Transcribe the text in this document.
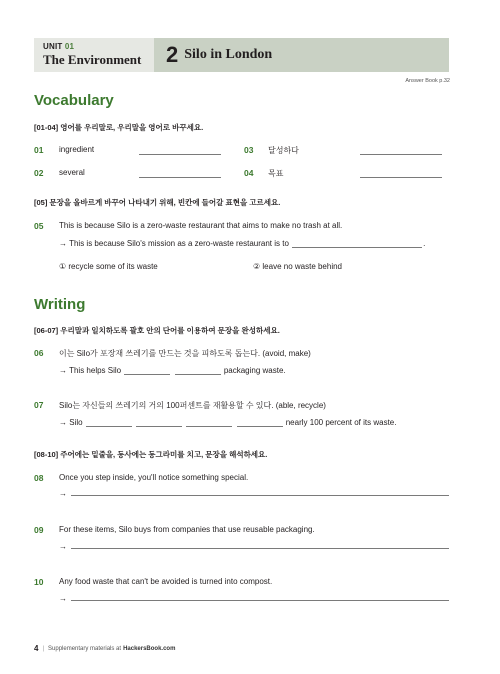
UNIT 01
The Environment	2 Silo in London
Answer Book p.32
Vocabulary
[01-04] 영어를 우리말로, 우리말을 영어로 바꾸세요.
01 ingredient	03 달성하다
02 several	04 목표
[05] 문장을 올바르게 바꾸어 나타내기 위해, 빈칸에 들어갈 표현을 고르세요.
05 This is because Silo is a zero-waste restaurant that aims to make no trash at all.
→ This is because Silo's mission as a zero-waste restaurant is to	.
① recycle some of its waste	② leave no waste behind
Writing
[06-07] 우리말과 일치하도록 괄호 안의 단어를 이용하여 문장을 완성하세요.
06 이는 Silo가 포장재 쓰레기를 만드는 것을 피하도록 돕는다. (avoid, make)
→ This helps Silo	packaging waste.
07 Silo는 자신들의 쓰레기의 거의 100퍼센트를 재활용할 수 있다. (able, recycle)
→ Silo	nearly 100 percent of its waste.
[08-10] 주어에는 밑줄을, 동사에는 동그라미를 치고, 문장을 해석하세요.
08 Once you step inside, you'll notice something special.
→
09 For these items, Silo buys from companies that use reusable packaging.
→
10 Any food waste that can't be avoided is turned into compost.
→
4 | Supplementary materials at HackersBook.com
